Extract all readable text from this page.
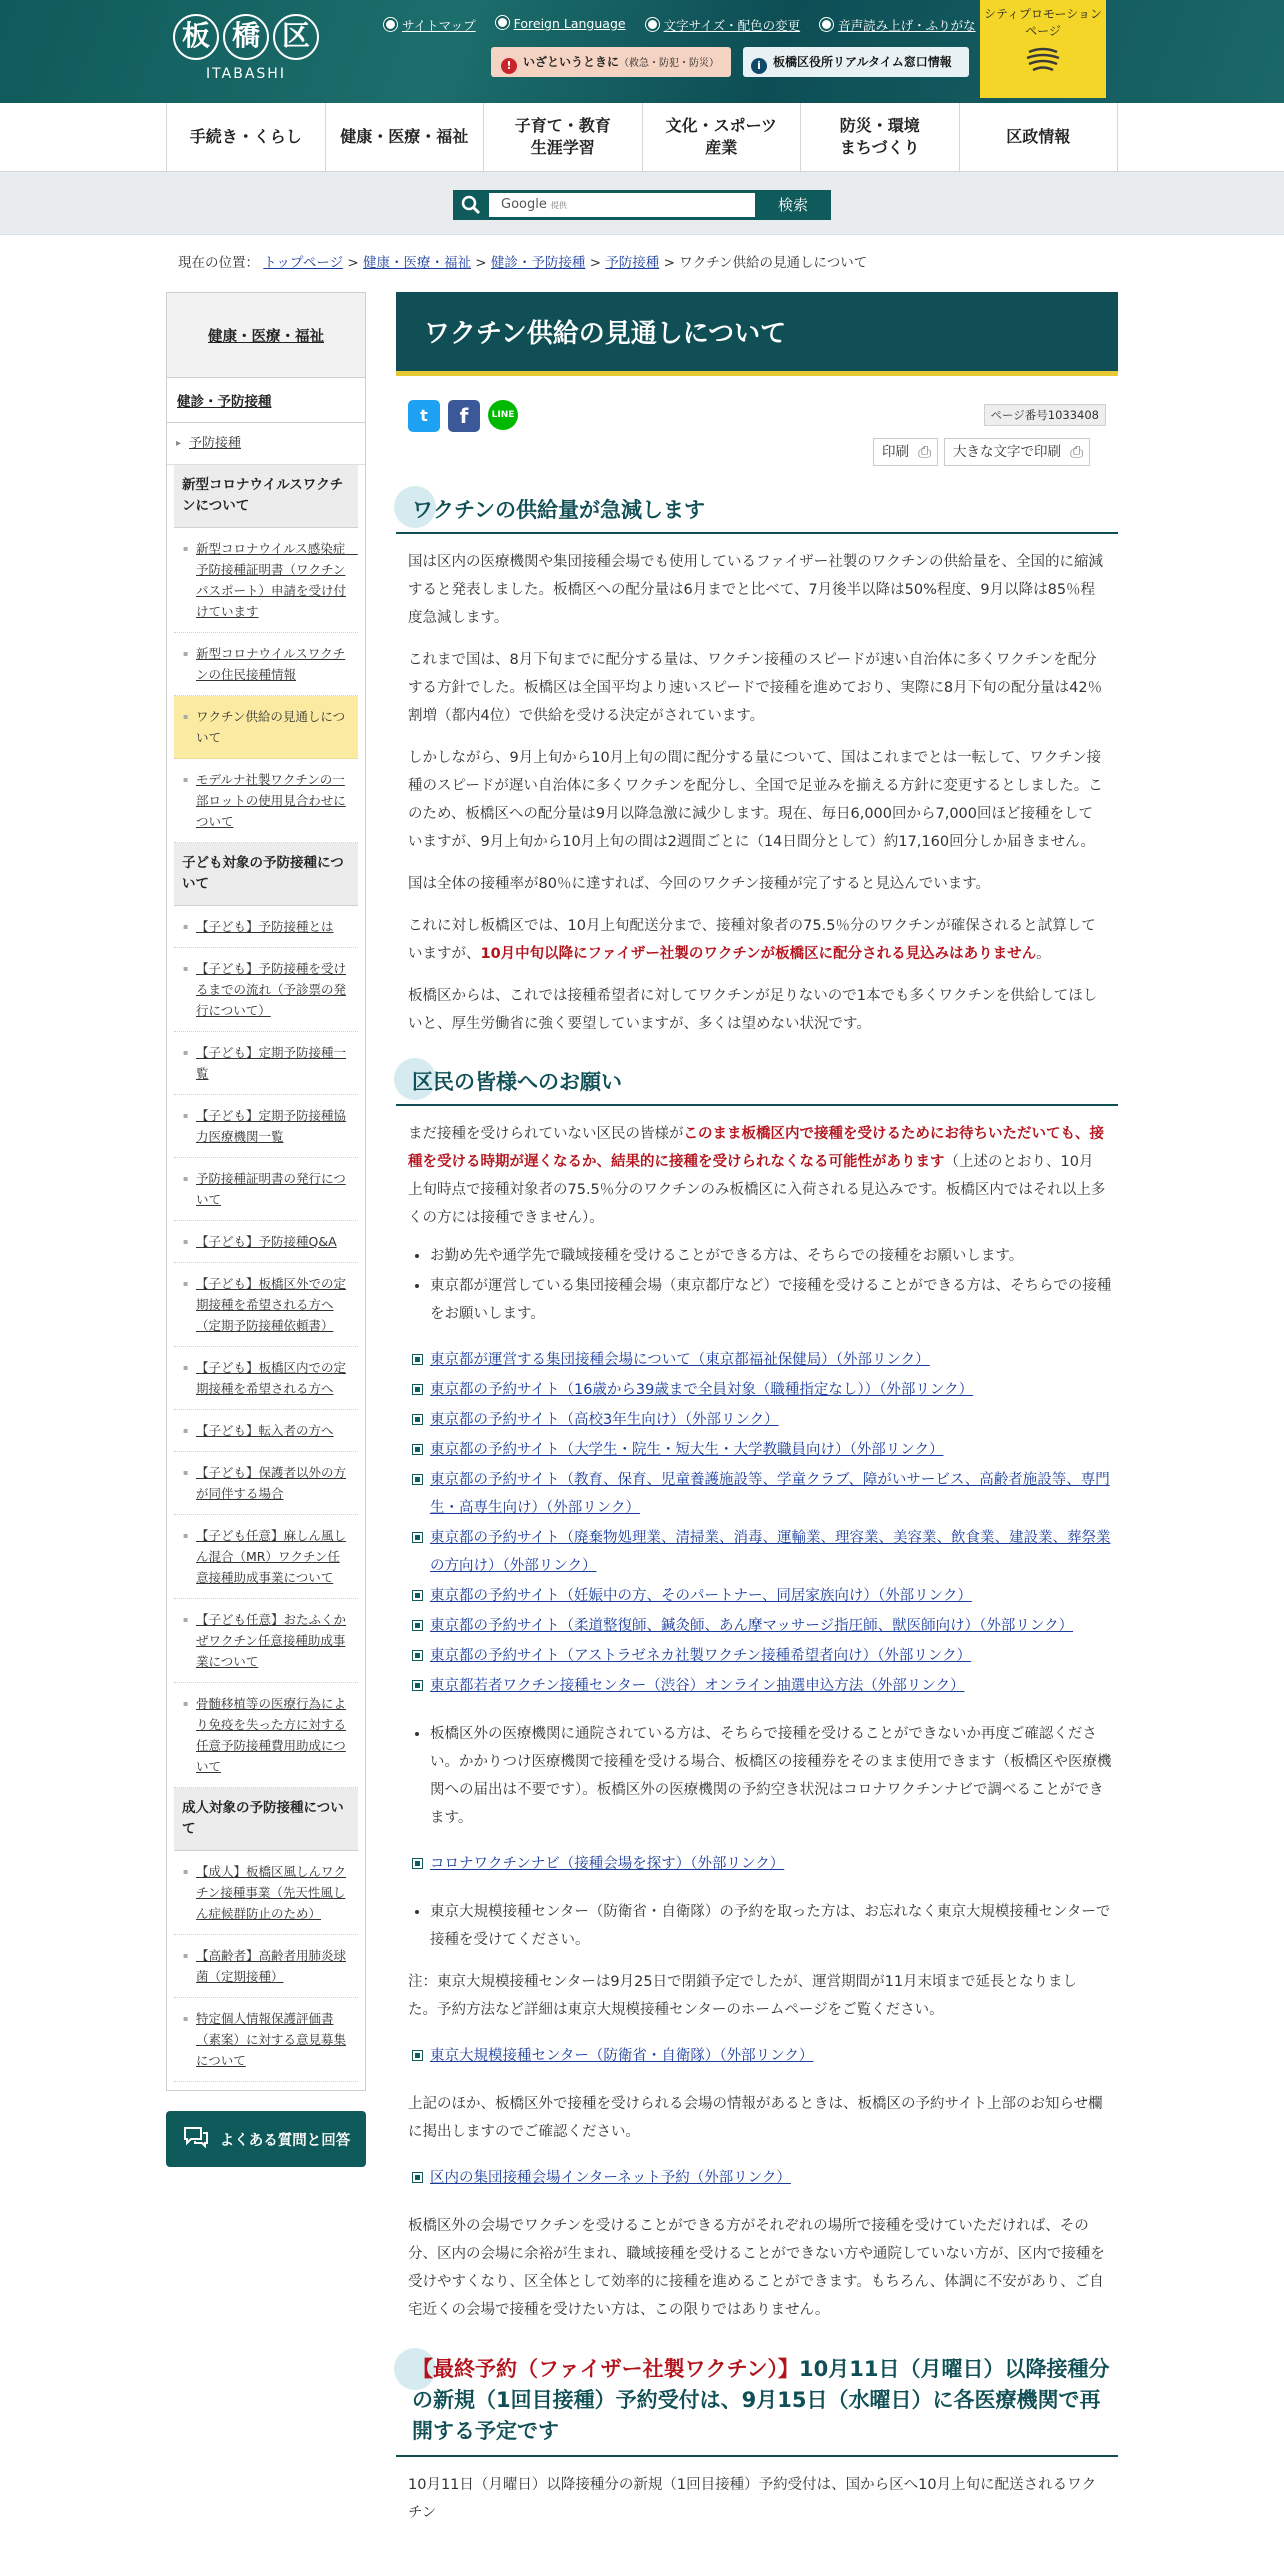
板 橋 区
ITABASHI
サイトマップ	Foreign Language	文字サイズ・配色の変更	音声読み上げ・ふりがな
! いざというときに（救急・防犯・防災）	i 板橋区役所リアルタイム窓口情報
シティプロモーション
ページ
手続き・くらし	健康・医療・福祉
子育て・教育
生涯学習
文化・スポーツ
産業
防災・環境
まちづくり
区政情報
Google 提供	検索
現在の位置： トップページ > 健康・医療・福祉 > 健診・予防接種 > 予防接種 > ワクチン供給の見通しについて
健康・医療・福祉
健診・予防接種
▸ 予防接種
新型コロナウイルスワクチンについて
▪ 新型コロナウイルス感染症　予防接種証明書（ワクチンパスポート）申請を受け付けています
▪ 新型コロナウイルスワクチンの住民接種情報
▪ ワクチン供給の見通しについて
▪ モデルナ社製ワクチンの一部ロットの使用見合わせについて
子ども対象の予防接種について
▪ 【子ども】予防接種とは
▪ 【子ども】予防接種を受けるまでの流れ（予診票の発行について）
▪ 【子ども】定期予防接種一覧
▪ 【子ども】定期予防接種協力医療機関一覧
▪ 予防接種証明書の発行について
▪ 【子ども】予防接種Q&A
▪ 【子ども】板橋区外での定期接種を希望される方へ（定期予防接種依頼書）
▪ 【子ども】板橋区内での定期接種を希望される方へ
▪ 【子ども】転入者の方へ
▪ 【子ども】保護者以外の方が同伴する場合
▪ 【子ども任意】麻しん風しん混合（MR）ワクチン任意接種助成事業について
▪ 【子ども任意】おたふくかぜワクチン任意接種助成事業について
▪ 骨髄移植等の医療行為により免疫を失った方に対する任意予防接種費用助成について
成人対象の予防接種について
▪ 【成人】板橋区風しんワクチン接種事業（先天性風しん症候群防止のため）
▪ 【高齢者】高齢者用肺炎球菌（定期接種）
▪ 特定個人情報保護評価書（素案）に対する意見募集について
よくある質問と回答
ワクチン供給の見通しについて
t	f	LINE	ページ番号1033408
印刷 ⎙	大きな文字で印刷 ⎙
ワクチンの供給量が急減します

国は区内の医療機関や集団接種会場でも使用しているファイザー社製のワクチンの供給量を、全国的に縮減すると発表しました。板橋区への配分量は6月までと比べて、7月後半以降は50%程度、9月以降は85％程度急減します。

これまで国は、8月下旬までに配分する量は、ワクチン接種のスピードが速い自治体に多くワクチンを配分する方針でした。板橋区は全国平均より速いスピードで接種を進めており、実際に8月下旬の配分量は42％割増（都内4位）で供給を受ける決定がされています。

しかしながら、9月上旬から10月上旬の間に配分する量について、国はこれまでとは一転して、ワクチン接種のスピードが遅い自治体に多くワクチンを配分し、全国で足並みを揃える方針に変更するとしました。このため、板橋区への配分量は9月以降急激に減少します。現在、毎日6,000回から7,000回ほど接種をしていますが、9月上旬から10月上旬の間は2週間ごとに（14日間分として）約17,160回分しか届きません。

国は全体の接種率が80％に達すれば、今回のワクチン接種が完了すると見込んでいます。

これに対し板橋区では、10月上旬配送分まで、接種対象者の75.5％分のワクチンが確保されると試算していますが、10月中旬以降にファイザー社製のワクチンが板橋区に配分される見込みはありません。

板橋区からは、これでは接種希望者に対してワクチンが足りないので1本でも多くワクチンを供給してほしいと、厚生労働省に強く要望していますが、多くは望めない状況です。

区民の皆様へのお願い

まだ接種を受けられていない区民の皆様がこのまま板橋区内で接種を受けるためにお待ちいただいても、接種を受ける時期が遅くなるか、結果的に接種を受けられなくなる可能性があります（上述のとおり、10月上旬時点で接種対象者の75.5％分のワクチンのみ板橋区に入荷される見込みです。板橋区内ではそれ以上多くの方には接種できません）。

• お勤め先や通学先で職域接種を受けることができる方は、そちらでの接種をお願いします。
• 東京都が運営している集団接種会場（東京都庁など）で接種を受けることができる方は、そちらでの接種をお願いします。
東京都が運営する集団接種会場について（東京都福祉保健局）（外部リンク）
東京都の予約サイト（16歳から39歳まで全員対象（職種指定なし））（外部リンク）
東京都の予約サイト（高校3年生向け）（外部リンク）
東京都の予約サイト（大学生・院生・短大生・大学教職員向け）（外部リンク）
東京都の予約サイト（教育、保育、児童養護施設等、学童クラブ、障がいサービス、高齢者施設等、専門生・高専生向け）（外部リンク）
東京都の予約サイト（廃棄物処理業、清掃業、消毒、運輸業、理容業、美容業、飲食業、建設業、葬祭業の方向け）（外部リンク）
東京都の予約サイト（妊娠中の方、そのパートナー、同居家族向け）（外部リンク）
東京都の予約サイト（柔道整復師、鍼灸師、あん摩マッサージ指圧師、獣医師向け）（外部リンク）
東京都の予約サイト（アストラゼネカ社製ワクチン接種希望者向け）（外部リンク）
東京都若者ワクチン接種センター（渋谷）オンライン抽選申込方法（外部リンク）
• 板橋区外の医療機関に通院されている方は、そちらで接種を受けることができないか再度ご確認ください。かかりつけ医療機関で接種を受ける場合、板橋区の接種券をそのまま使用できます（板橋区や医療機関への届出は不要です）。板橋区外の医療機関の予約空き状況はコロナワクチンナビで調べることができます。
コロナワクチンナビ（接種会場を探す）（外部リンク）
• 東京大規模接種センター（防衛省・自衛隊）の予約を取った方は、お忘れなく東京大規模接種センターで接種を受けてください。

注：東京大規模接種センターは9月25日で閉鎖予定でしたが、運営期間が11月末頃まで延長となりました。予約方法など詳細は東京大規模接種センターのホームページをご覧ください。

東京大規模接種センター（防衛省・自衛隊）（外部リンク）

上記のほか、板橋区外で接種を受けられる会場の情報があるときは、板橋区の予約サイト上部のお知らせ欄に掲出しますのでご確認ください。

区内の集団接種会場インターネット予約（外部リンク）

板橋区外の会場でワクチンを受けることができる方がそれぞれの場所で接種を受けていただければ、その分、区内の会場に余裕が生まれ、職域接種を受けることができない方や通院していない方が、区内で接種を受けやすくなり、区全体として効率的に接種を進めることができます。もちろん、体調に不安があり、ご自宅近くの会場で接種を受けたい方は、この限りではありません。

【最終予約（ファイザー社製ワクチン）】10月11日（月曜日）以降接種分の新規（1回目接種）予約受付は、9月15日（水曜日）に各医療機関で再開する予定です

10月11日（月曜日）以降接種分の新規（1回目接種）予約受付は、国から区へ10月上旬に配送されるワクチン
